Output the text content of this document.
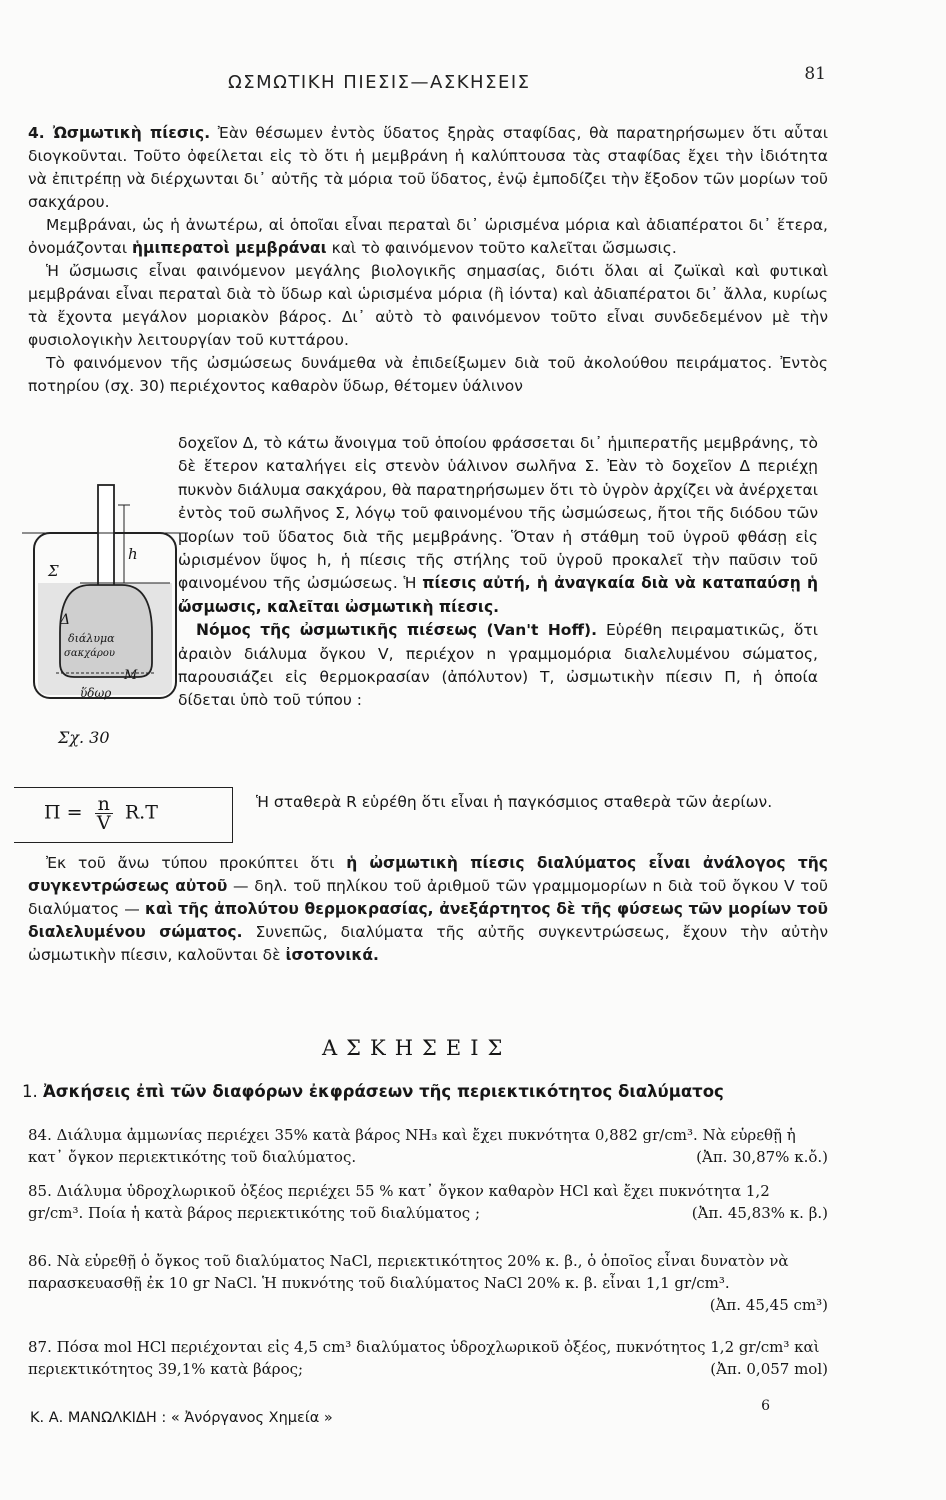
ΩΣΜΩΤΙΚΗ ΠΙΕΣΙΣ—ΑΣΚΗΣΕΙΣ	81

4. Ὠσμωτικὴ πίεσις. Ἐὰν θέσωμεν ἐντὸς ὕδατος ξηρὰς σταφίδας, θὰ παρατηρήσωμεν ὅτι αὗται διογκοῦνται. Τοῦτο ὀφείλεται εἰς τὸ ὅτι ἡ μεμβράνη ἡ καλύπτουσα τὰς σταφίδας ἔχει τὴν ἰδιότητα νὰ ἐπιτρέπῃ νὰ διέρχωνται δι᾽ αὐτῆς τὰ μόρια τοῦ ὕδατος, ἐνῷ ἐμποδίζει τὴν ἔξοδον τῶν μορίων τοῦ σακχάρου.

Μεμβράναι, ὡς ἡ ἀνωτέρω, αἱ ὁποῖαι εἶναι περαταὶ δι᾽ ὡρισμένα μόρια καὶ ἀδιαπέρατοι δι᾽ ἕτερα, ὀνομάζονται ἡμιπερατοὶ μεμβράναι καὶ τὸ φαινόμενον τοῦτο καλεῖται ὤσμωσις.

Ἡ ὤσμωσις εἶναι φαινόμενον μεγάλης βιολογικῆς σημασίας, διότι ὅλαι αἱ ζωϊκαὶ καὶ φυτικαὶ μεμβράναι εἶναι περαταὶ διὰ τὸ ὕδωρ καὶ ὡρισμένα μόρια (ἢ ἰόντα) καὶ ἀδιαπέρατοι δι᾽ ἄλλα, κυρίως τὰ ἔχοντα μεγάλον μοριακὸν βάρος. Δι᾽ αὐτὸ τὸ φαινόμενον τοῦτο εἶναι συνδεδεμένον μὲ τὴν φυσιολογικὴν λειτουργίαν τοῦ κυττάρου.

Τὸ φαινόμενον τῆς ὠσμώσεως δυνάμεθα νὰ ἐπιδείξωμεν διὰ τοῦ ἀκολούθου πειράματος. Ἐντὸς ποτηρίου (σχ. 30) περιέχοντος καθαρὸν ὕδωρ, θέτομεν ὑάλινον

δοχεῖον Δ, τὸ κάτω ἄνοιγμα τοῦ ὁποίου φράσσεται δι᾽ ἡμιπερατῆς μεμβράνης, τὸ δὲ ἕτερον καταλήγει εἰς στενὸν ὑάλινον σωλῆνα Σ. Ἐὰν τὸ δοχεῖον Δ περιέχῃ πυκνὸν διάλυμα σακχάρου, θὰ παρατηρήσωμεν ὅτι τὸ ὑγρὸν ἀρχίζει νὰ ἀνέρχεται ἐντὸς τοῦ σωλῆνος Σ, λόγῳ τοῦ φαινομένου τῆς ὠσμώσεως, ἤτοι τῆς διόδου τῶν μορίων τοῦ ὕδατος διὰ τῆς μεμβράνης. Ὅταν ἡ στάθμη τοῦ ὑγροῦ φθάσῃ εἰς ὡρισμένον ὕψος h, ἡ πίεσις τῆς στήλης τοῦ ὑγροῦ προκαλεῖ τὴν παῦσιν τοῦ φαινομένου τῆς ὠσμώσεως. Ἡ πίεσις αὐτή, ἡ ἀναγκαία διὰ νὰ καταπαύσῃ ἡ ὤσμωσις, καλεῖται ὠσμωτικὴ πίεσις.

Νόμος τῆς ὠσμωτικῆς πιέσεως (Van't Hoff). Εὑρέθη πειραματικῶς, ὅτι ἀραιὸν διάλυμα ὄγκου V, περιέχον n γραμμομόρια διαλελυμένου σώματος, παρουσιάζει εἰς θερμοκρασίαν (ἀπόλυτον) T, ὠσμωτικὴν πίεσιν Π, ἡ ὁποία δίδεται ὑπὸ τοῦ τύπου :

Σ
h
Δ
διάλυμα
σακχάρου
M
ὕδωρ
Σχ. 30
$\Pi = \frac{n}{V} R.T$	Ἡ σταθερὰ R εὑρέθη ὅτι εἶναι ἡ παγκόσμιος σταθερὰ τῶν ἀερίων.

Ἐκ τοῦ ἄνω τύπου προκύπτει ὅτι ἡ ὠσμωτικὴ πίεσις διαλύματος εἶναι ἀνάλογος τῆς συγκεντρώσεως αὐτοῦ — δηλ. τοῦ πηλίκου τοῦ ἀριθμοῦ τῶν γραμμομορίων n διὰ τοῦ ὄγκου V τοῦ διαλύματος — καὶ τῆς ἀπολύτου θερμοκρασίας, ἀνεξάρτητος δὲ τῆς φύσεως τῶν μορίων τοῦ διαλελυμένου σώματος. Συνεπῶς, διαλύματα τῆς αὐτῆς συγκεντρώσεως, ἔχουν τὴν αὐτὴν ὠσμωτικὴν πίεσιν, καλοῦνται δὲ ἰσοτονικά.

ΑΣΚΗΣΕΙΣ
1. Ἀσκήσεις ἐπὶ τῶν διαφόρων ἐκφράσεων τῆς περιεκτικότητος διαλύματος

84. Διάλυμα ἀμμωνίας περιέχει 35% κατὰ βάρος NH₃ καὶ ἔχει πυκνότητα 0,882 gr/cm³. Νὰ εὑρεθῇ ἡ κατ᾽ ὄγκον περιεκτικότης τοῦ διαλύματος.	(Ἀπ. 30,87% κ.ὄ.)

85. Διάλυμα ὑδροχλωρικοῦ ὀξέος περιέχει 55 % κατ᾽ ὄγκον καθαρὸν HCl καὶ ἔχει πυκνότητα 1,2 gr/cm³. Ποία ἡ κατὰ βάρος περιεκτικότης τοῦ διαλύματος ;	(Ἀπ. 45,83% κ. β.)

86. Νὰ εὑρεθῇ ὁ ὄγκος τοῦ διαλύματος NaCl, περιεκτικότητος 20% κ. β., ὁ ὁποῖος εἶναι δυνατὸν νὰ παρασκευασθῇ ἐκ 10 gr NaCl. Ἡ πυκνότης τοῦ διαλύματος NaCl 20% κ. β. εἶναι 1,1 gr/cm³.
(Ἀπ. 45,45 cm³)

87. Πόσα mol HCl περιέχονται εἰς 4,5 cm³ διαλύματος ὑδροχλωρικοῦ ὀξέος, πυκνότητος 1,2 gr/cm³ καὶ περιεκτικότητος 39,1% κατὰ βάρος;	(Ἀπ. 0,057 mol)

Κ. Α. ΜΑΝΩΛΚΙΔΗ : « Ἀνόργανος Χημεία »
6
